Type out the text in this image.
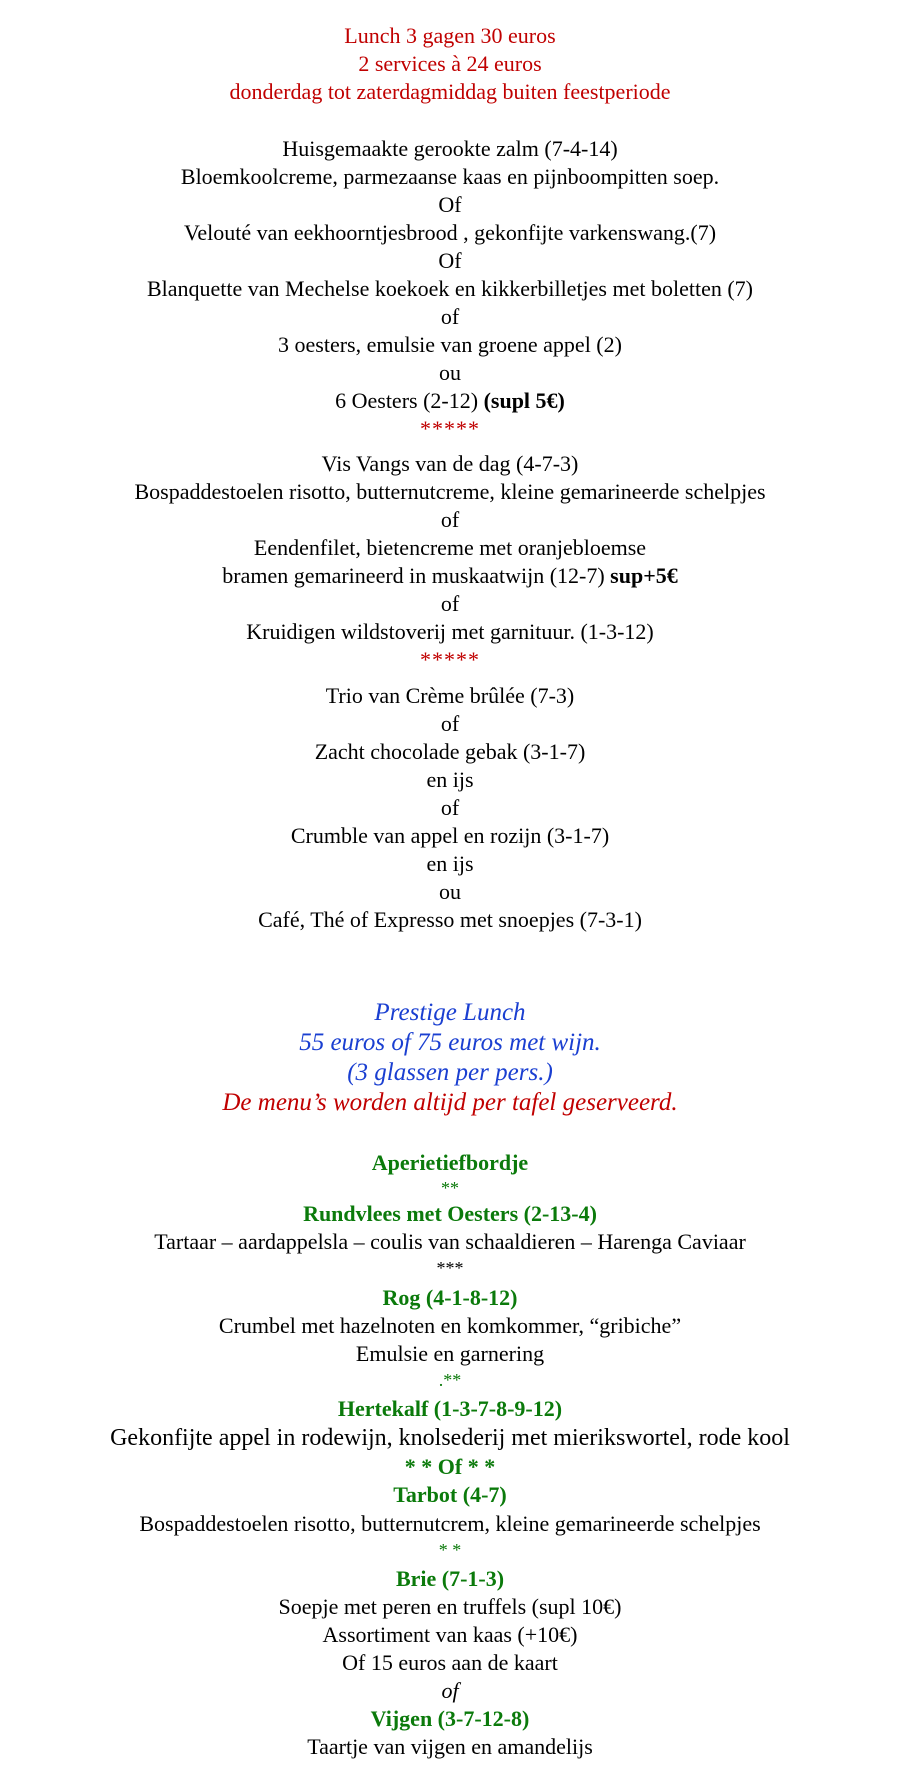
Lunch 3 gagen 30 euros

2 services à 24 euros

donderdag tot zaterdagmiddag buiten feestperiode

Huisgemaakte gerookte zalm (7-4-14)

Bloemkoolcreme, parmezaanse kaas en pijnboompitten soep.

Of

Velouté van eekhoorntjesbrood , gekonfijte varkenswang.(7)

Of

Blanquette van Mechelse koekoek en kikkerbilletjes met boletten (7)

of

3 oesters, emulsie van groene appel (2)

ou

6 Oesters (2-12) (supl 5€)

*****

Vis Vangs van de dag (4-7-3)

Bospaddestoelen risotto, butternutcreme, kleine gemarineerde schelpjes

of

Eendenfilet, bietencreme met oranjebloemse

bramen gemarineerd in muskaatwijn (12-7) sup+5€

of

Kruidigen wildstoverij met garnituur. (1-3-12)

*****

Trio van Crème brûlée (7-3)

of

Zacht chocolade gebak (3-1-7)

en ijs

of

Crumble van appel en rozijn (3-1-7)

en ijs

ou

Café, Thé of Expresso met snoepjes (7-3-1)

Prestige Lunch

55 euros of 75 euros met wijn.

(3 glassen per pers.)

De menu’s worden altijd per tafel geserveerd.

Aperietiefbordje

**

Rundvlees met Oesters (2-13-4)

Tartaar – aardappelsla – coulis van schaaldieren – Harenga Caviaar

***

Rog (4-1-8-12)

Crumbel met hazelnoten en komkommer, “gribiche”

Emulsie en garnering

.**

Hertekalf (1-3-7-8-9-12)

Gekonfijte appel in rodewijn, knolsederij met mierikswortel, rode kool

* * Of * *

Tarbot (4-7)

Bospaddestoelen risotto, butternutcrem, kleine gemarineerde schelpjes

* *

Brie (7-1-3)

Soepje met peren en truffels (supl 10€)

Assortiment van kaas (+10€)

Of 15 euros aan de kaart

of

Vijgen (3-7-12-8)

Taartje van vijgen en amandelijs
